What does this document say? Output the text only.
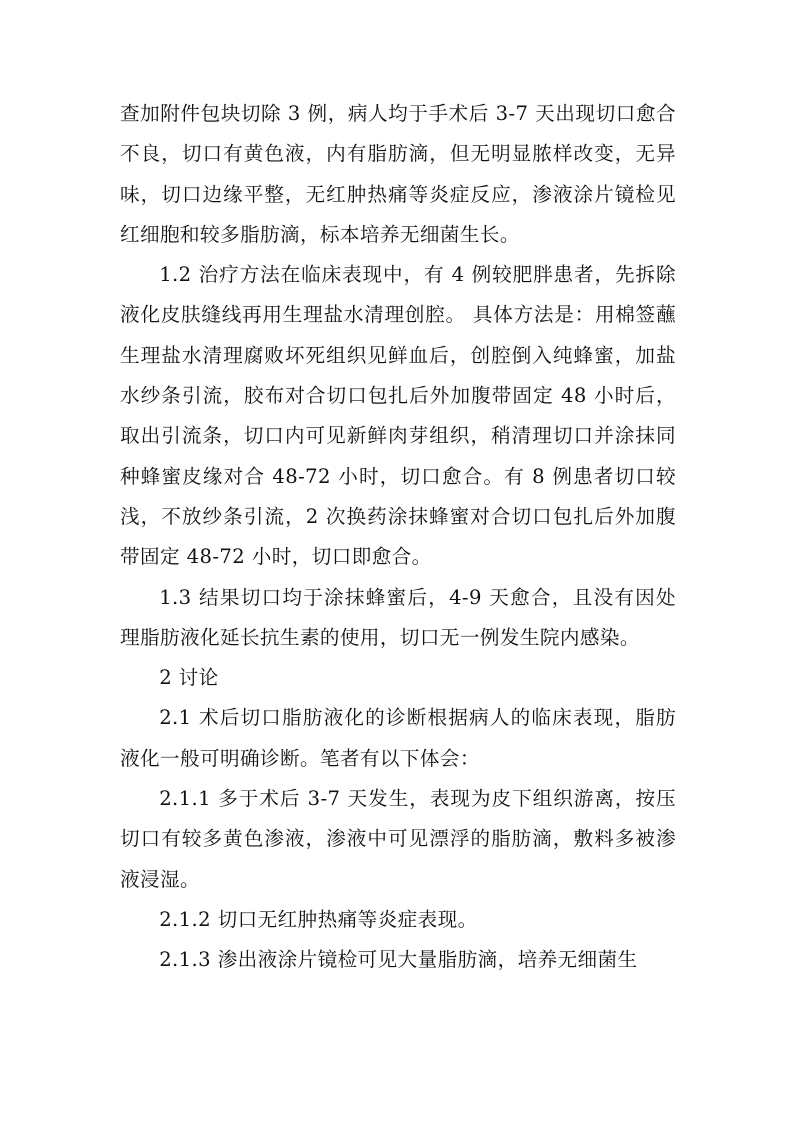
查加附件包块切除 3 例，病人均于手术后 3-7 天出现切口愈合不良，切口有黄色液，内有脂肪滴，但无明显脓样改变，无异味，切口边缘平整，无红肿热痛等炎症反应，渗液涂片镜检见红细胞和较多脂肪滴，标本培养无细菌生长。

1.2 治疗方法在临床表现中，有 4 例较肥胖患者，先拆除液化皮肤缝线再用生理盐水清理创腔。 具体方法是：用棉签蘸生理盐水清理腐败坏死组织见鲜血后，创腔倒入纯蜂蜜，加盐水纱条引流，胶布对合切口包扎后外加腹带固定 48 小时后，取出引流条，切口内可见新鲜肉芽组织，稍清理切口并涂抹同种蜂蜜皮缘对合 48-72 小时，切口愈合。有 8 例患者切口较浅，不放纱条引流，2 次换药涂抹蜂蜜对合切口包扎后外加腹带固定 48-72 小时，切口即愈合。

1.3 结果切口均于涂抹蜂蜜后，4-9 天愈合，且没有因处理脂肪液化延长抗生素的使用，切口无一例发生院内感染。

2 讨论

2.1 术后切口脂肪液化的诊断根据病人的临床表现，脂肪液化一般可明确诊断。笔者有以下体会：

2.1.1 多于术后 3-7 天发生，表现为皮下组织游离，按压切口有较多黄色渗液，渗液中可见漂浮的脂肪滴，敷料多被渗液浸湿。

2.1.2 切口无红肿热痛等炎症表现。

2.1.3 渗出液涂片镜检可见大量脂肪滴，培养无细菌生
